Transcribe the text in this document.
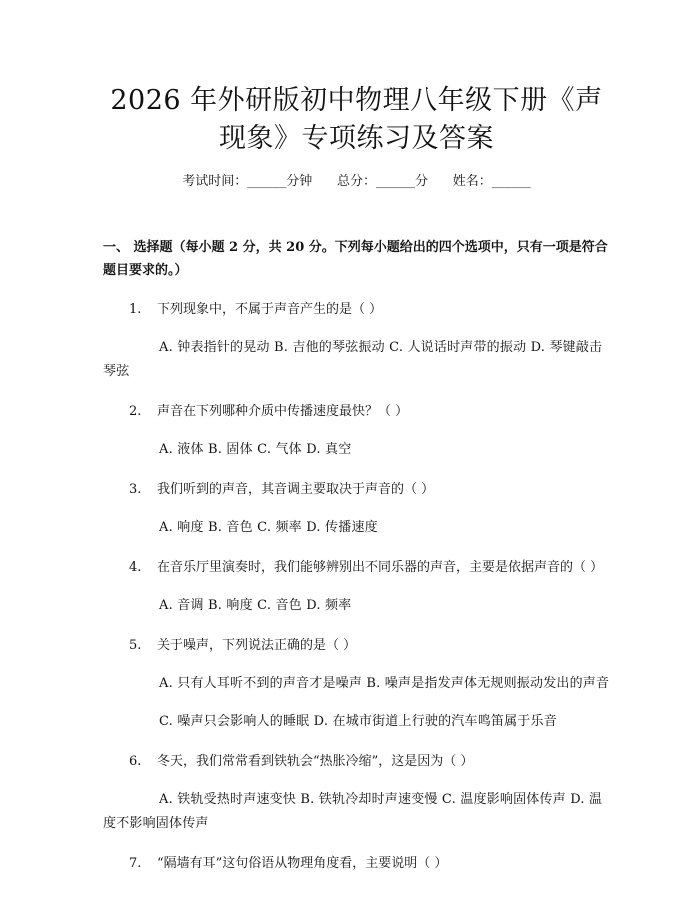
2026 年外研版初中物理八年级下册《声现象》专项练习及答案
考试时间：______分钟      总分：______分      姓名：______
一、 选择题（每小题 2 分，共 20 分。下列每小题给出的四个选项中，只有一项是符合题目要求的。）
1. 下列现象中，不属于声音产生的是（ ）
A. 钟表指针的晃动 B. 吉他的琴弦振动 C. 人说话时声带的振动 D. 琴键敲击琴弦
2. 声音在下列哪种介质中传播速度最快？（ ）
A. 液体 B. 固体 C. 气体 D. 真空
3. 我们听到的声音，其音调主要取决于声音的（ ）
A. 响度 B. 音色 C. 频率 D. 传播速度
4. 在音乐厅里演奏时，我们能够辨别出不同乐器的声音，主要是依据声音的（ ）
A. 音调 B. 响度 C. 音色 D. 频率
5. 关于噪声，下列说法正确的是（ ）
A. 只有人耳听不到的声音才是噪声 B. 噪声是指发声体无规则振动发出的声音
C. 噪声只会影响人的睡眠 D. 在城市街道上行驶的汽车鸣笛属于乐音
6. 冬天，我们常常看到铁轨会“热胀冷缩”，这是因为（ ）
A. 铁轨受热时声速变快 B. 铁轨冷却时声速变慢 C. 温度影响固体传声 D. 温度不影响固体传声
7. “隔墙有耳”这句俗语从物理角度看，主要说明（ ）
